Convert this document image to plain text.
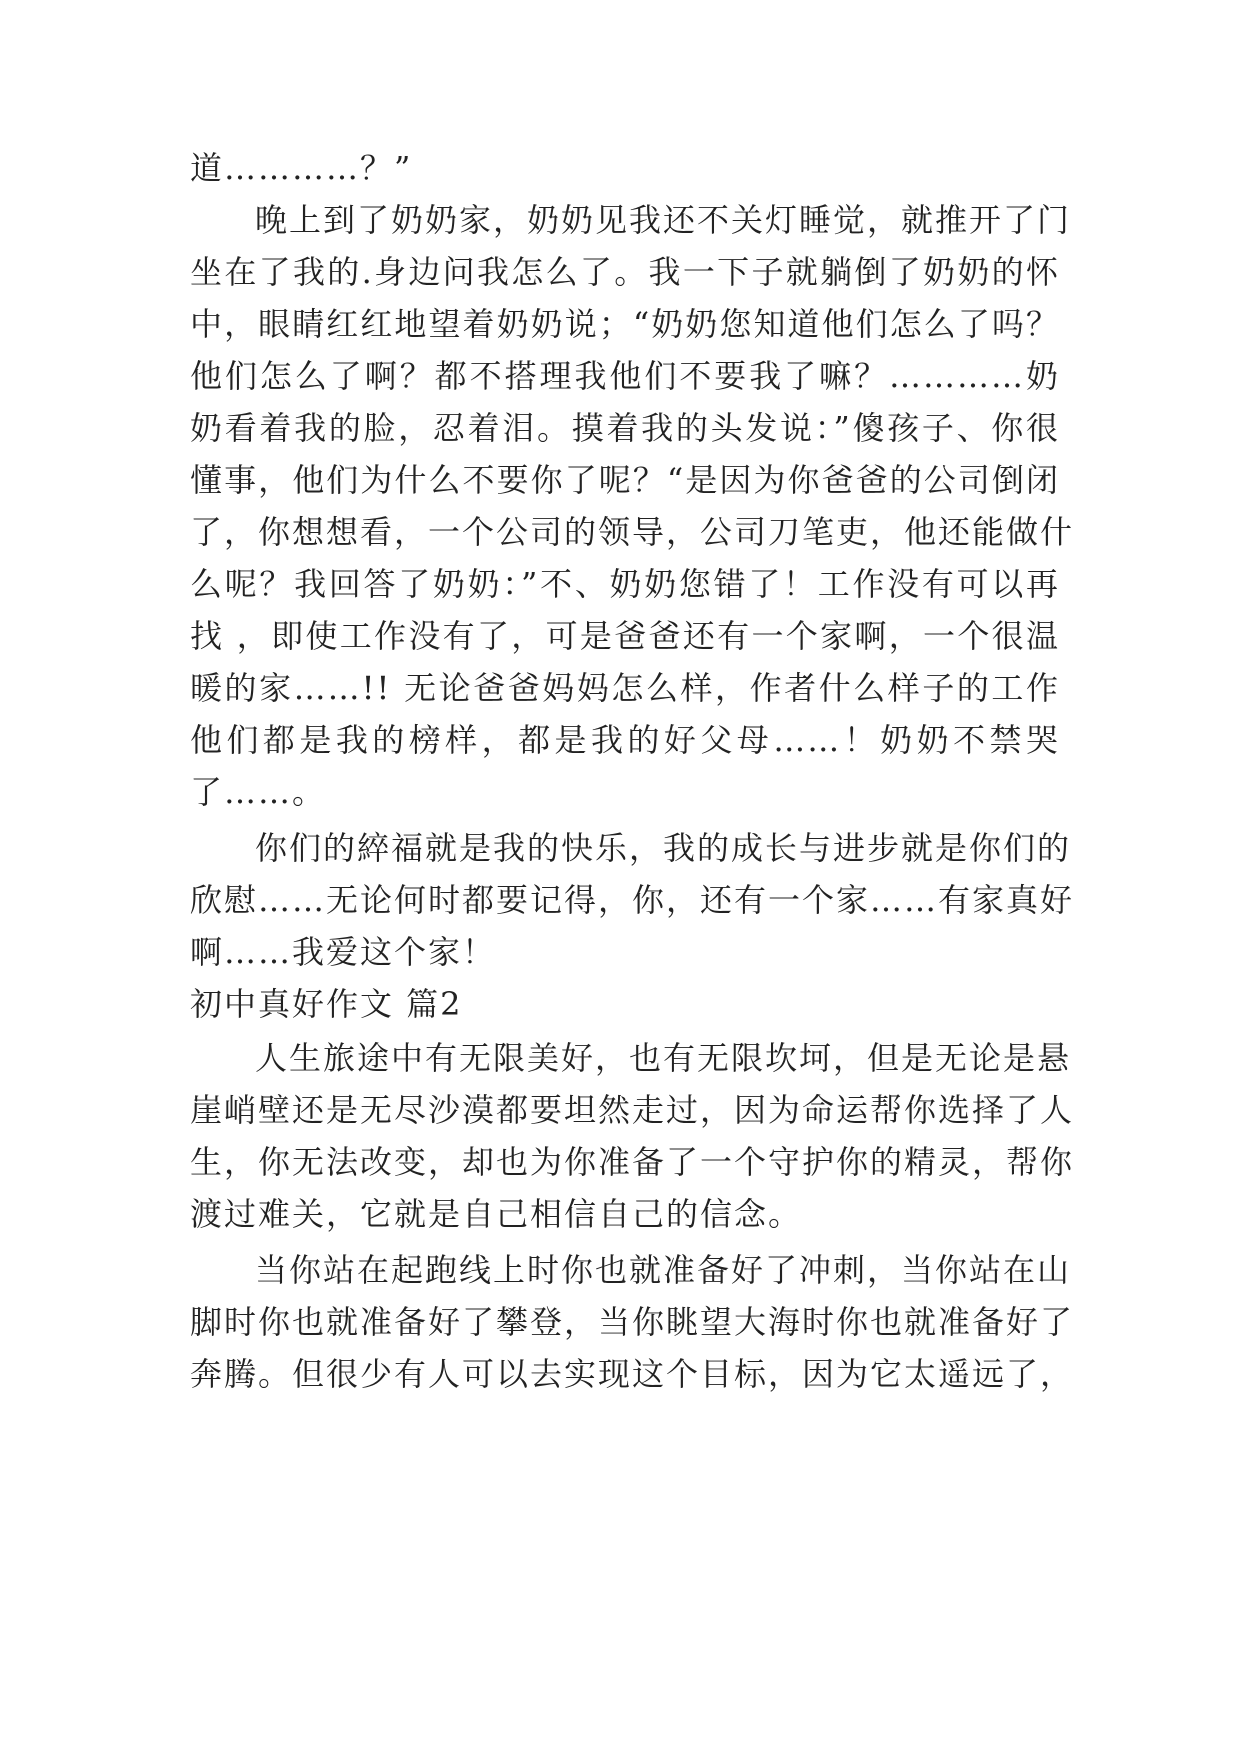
道…………？”
晚上到了奶奶家，奶奶见我还不关灯睡觉，就推开了门
坐在了我的.身边问我怎么了。我一下子就躺倒了奶奶的怀
中，眼睛红红地望着奶奶说；“奶奶您知道他们怎么了吗？
他们怎么了啊？都不搭理我他们不要我了嘛？…………奶
奶看着我的脸，忍着泪。摸着我的头发说：”傻孩子、你很
懂事，他们为什么不要你了呢？“是因为你爸爸的公司倒闭
了，你想想看，一个公司的领导，公司刀笔吏，他还能做什
么呢？我回答了奶奶：”不、奶奶您错了！工作没有可以再
找 ，即使工作没有了，可是爸爸还有一个家啊，一个很温
暖的家……!! 无论爸爸妈妈怎么样，作者什么样子的工作
他们都是我的榜样，都是我的好父母……！奶奶不禁哭
了……。
你们的綷福就是我的快乐，我的成长与进步就是你们的
欣慰……无论何时都要记得，你，还有一个家……有家真好
啊……我爱这个家！
初中真好作文 篇2
人生旅途中有无限美好，也有无限坎坷，但是无论是悬
崖峭壁还是无尽沙漠都要坦然走过，因为命运帮你选择了人
生，你无法改变，却也为你准备了一个守护你的精灵，帮你
渡过难关，它就是自己相信自己的信念。
当你站在起跑线上时你也就准备好了冲刺，当你站在山
脚时你也就准备好了攀登，当你眺望大海时你也就准备好了
奔腾。但很少有人可以去实现这个目标，因为它太遥远了，
